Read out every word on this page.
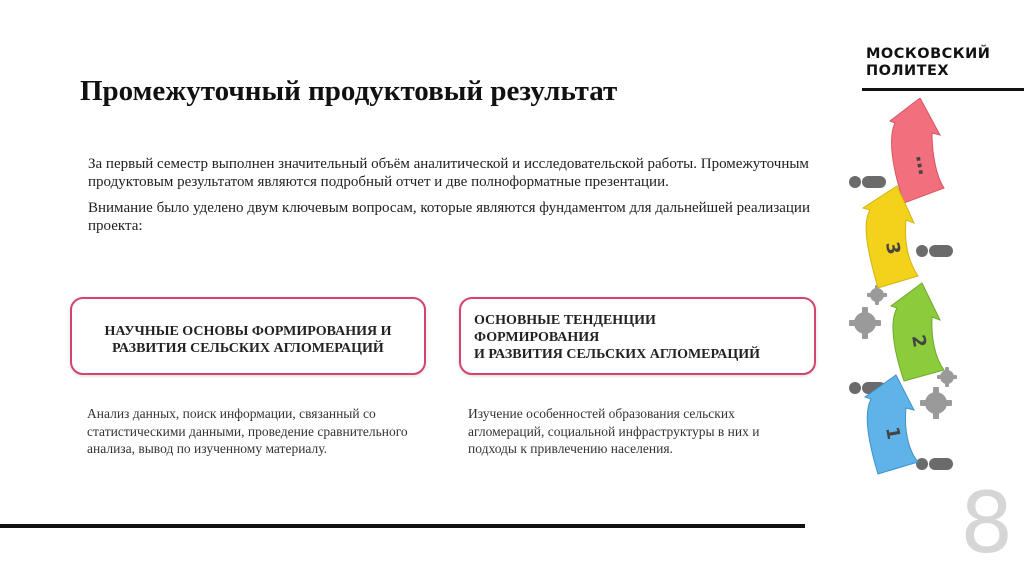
Промежуточный продуктовый результат
МОСКОВСКИЙ
ПОЛИТЕХ

За первый семестр выполнен значительный объём аналитической и исследовательской работы. Промежуточным продуктовым результатом являются подробный отчет и две полноформатные презентации.

Внимание было уделено двум ключевым вопросам, которые являются фундаментом для дальнейшей реализации проекта:

НАУЧНЫЕ ОСНОВЫ ФОРМИРОВАНИЯ И РАЗВИТИЯ СЕЛЬСКИХ АГЛОМЕРАЦИЙ
ОСНОВНЫЕ ТЕНДЕНЦИИ
ФОРМИРОВАНИЯ
И РАЗВИТИЯ СЕЛЬСКИХ АГЛОМЕРАЦИЙ
Анализ данных, поиск информации, связанный со статистическими данными, проведение сравнительного анализа, вывод по изученному материалу.
Изучение особенностей образования сельских агломераций, социальной инфраструктуры в них и подходы к привлечению населения.
…
3
2
1
8
